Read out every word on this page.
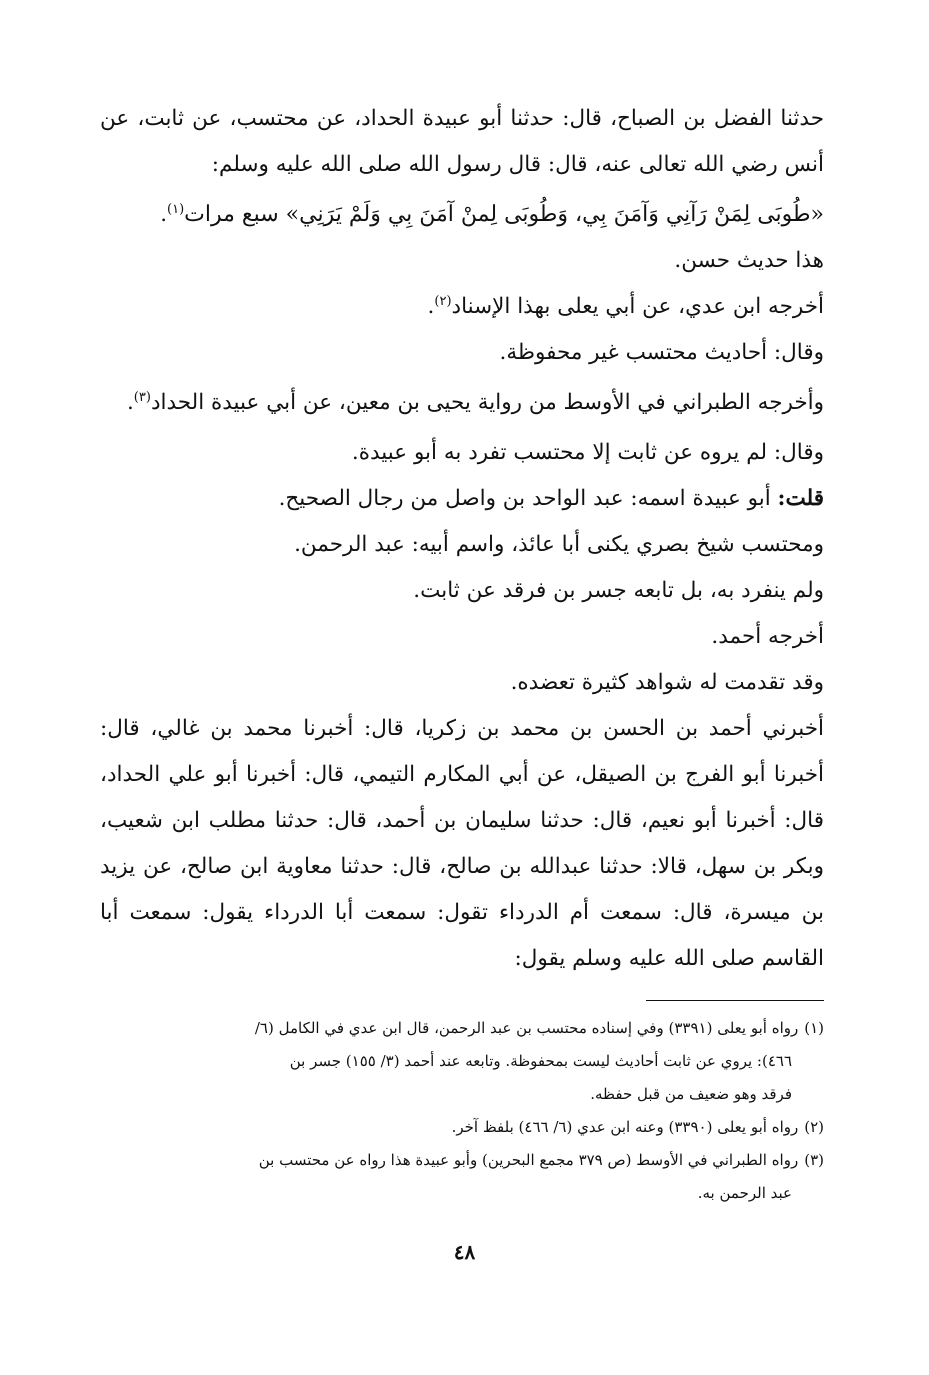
حدثنا الفضل بن الصباح، قال: حدثنا أبو عبيدة الحداد، عن محتسب، عن ثابت، عن أنس رضي الله تعالى عنه، قال: قال رسول الله صلى الله عليه وسلم:

«طُوبَى لِمَنْ رَآنِي وَآمَنَ بِي، وَطُوبَى لِمنْ آمَنَ بِي وَلَمْ يَرَنِي» سبع مرات$^{(١)}$.

هذا حديث حسن.

أخرجه ابن عدي، عن أبي يعلى بهذا الإسناد$^{(٢)}$.

وقال: أحاديث محتسب غير محفوظة.

وأخرجه الطبراني في الأوسط من رواية يحيى بن معين، عن أبي عبيدة الحداد$^{(٣)}$.

وقال: لم يروه عن ثابت إلا محتسب تفرد به أبو عبيدة.

قلت: أبو عبيدة اسمه: عبد الواحد بن واصل من رجال الصحيح.

ومحتسب شيخ بصري يكنى أبا عائذ، واسم أبيه: عبد الرحمن.

ولم ينفرد به، بل تابعه جسر بن فرقد عن ثابت.

أخرجه أحمد.

وقد تقدمت له شواهد كثيرة تعضده.

أخبرني أحمد بن الحسن بن محمد بن زكريا، قال: أخبرنا محمد بن غالي، قال: أخبرنا أبو الفرج بن الصيقل، عن أبي المكارم التيمي، قال: أخبرنا أبو علي الحداد، قال: أخبرنا أبو نعيم، قال: حدثنا سليمان بن أحمد، قال: حدثنا مطلب ابن شعيب، وبكر بن سهل، قالا: حدثنا عبدالله بن صالح، قال: حدثنا معاوية ابن صالح، عن يزيد بن ميسرة، قال: سمعت أم الدرداء تقول: سمعت أبا الدرداء يقول: سمعت أبا القاسم صلى الله عليه وسلم يقول:

(١)رواه أبو يعلى (٣٣٩١) وفي إسناده محتسب بن عبد الرحمن، قال ابن عدي في الكامل (٦/

٤٦٦): يروي عن ثابت أحاديث ليست بمحفوظة. وتابعه عند أحمد (٣/ ١٥٥) جسر بن

فرقد وهو ضعيف من قبل حفظه.

(٢)رواه أبو يعلى (٣٣٩٠) وعنه ابن عدي (٦/ ٤٦٦) بلفظ آخر.

(٣)رواه الطبراني في الأوسط (ص ٣٧٩ مجمع البحرين) وأبو عبيدة هذا رواه عن محتسب بن

عبد الرحمن به.

٤٨
